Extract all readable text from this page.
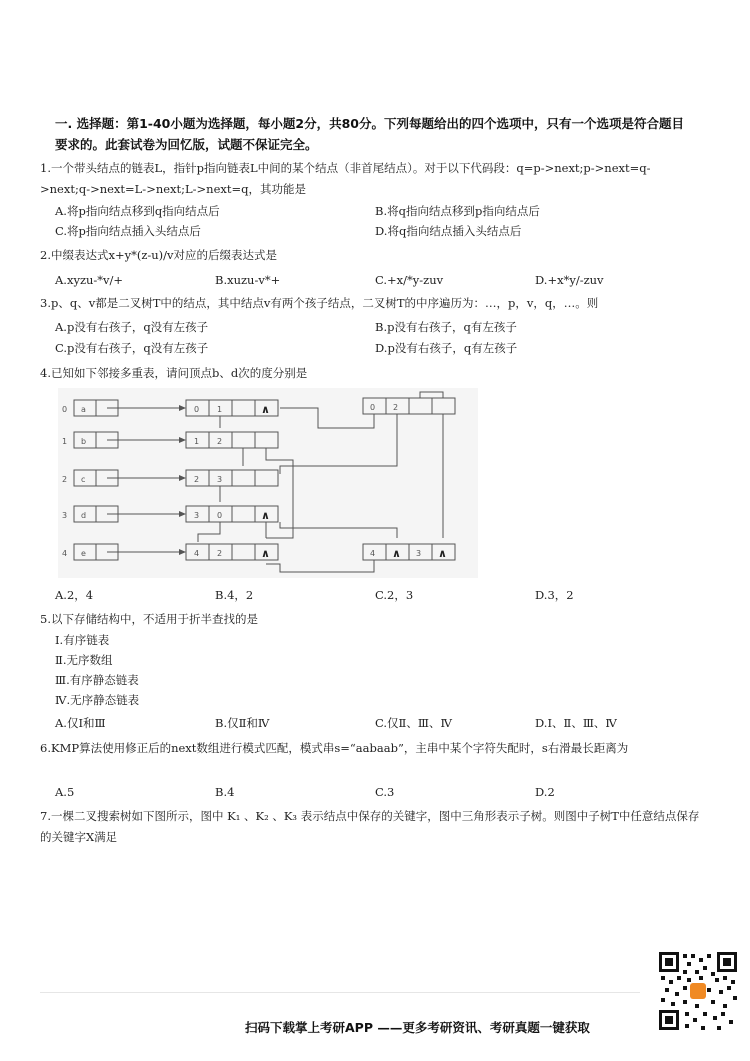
一. 选择题：第1-40小题为选择题，每小题2分，共80分。下列每题给出的四个选项中，只有一个选项是符合题目要求的。此套试卷为回忆版，试题不保证完全。
1.一个带头结点的链表L，指针p指向链表L中间的某个结点（非首尾结点）。对于以下代码段：q=p->next;p->next=q->next;q->next=L->next;L->next=q，其功能是
A.将p指向结点移到q指向结点后	B.将q指向结点移到p指向结点后
C.将p指向结点插入头结点后	D.将q指向结点插入头结点后
2.中缀表达式x+y*(z-u)/v对应的后缀表达式是
A.xyzu-*v/+	B.xuzu-v*+	C.+x/*y-zuv	D.+x*y/-zuv
3.p、q、v都是二叉树T中的结点，其中结点v有两个孩子结点，二叉树T的中序遍历为：…，p，v，q，…。则
A.p没有右孩子，q没有左孩子	B.p没有右孩子，q有左孩子
C.p没有右孩子，q没有左孩子	D.p没有右孩子，q有左孩子
4.已知如下邻接多重表，请问顶点b、d次的度分别是
0
1
2
3
4
a
b
c
d
e
0 1	∧
1 2
2 3
3 0	∧
4 2	∧
0 2
4 ∧ 3 ∧
A.2，4	B.4，2	C.2，3	D.3，2
5.以下存储结构中，不适用于折半查找的是
Ⅰ.有序链表
Ⅱ.无序数组
Ⅲ.有序静态链表
Ⅳ.无序静态链表
A.仅Ⅰ和Ⅲ	B.仅Ⅱ和Ⅳ	C.仅Ⅱ、Ⅲ、Ⅳ	D.Ⅰ、Ⅱ、Ⅲ、Ⅳ
6.KMP算法使用修正后的next数组进行模式匹配，模式串s=“aabaab”，主串中某个字符失配时，s右滑最长距离为
A.5	B.4	C.3	D.2
7.一棵二叉搜索树如下图所示，图中 K₁ 、K₂ 、K₃ 表示结点中保存的关键字，图中三角形表示子树。则图中子树T中任意结点保存的关键字X满足
扫码下载掌上考研APP ——更多考研资讯、考研真题一键获取
